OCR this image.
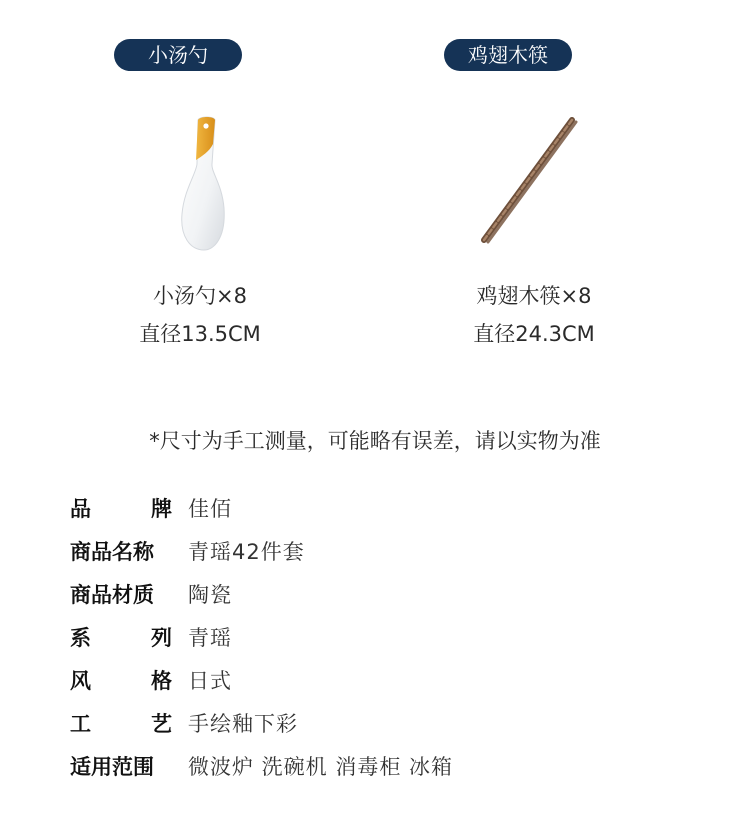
小汤勺	鸡翅木筷
小汤勺×8
直径13.5CM
鸡翅木筷×8
直径24.3CM
*尺寸为手工测量，可能略有误差，请以实物为准
品	牌 佳佰
商品名称	青瑶42件套
商品材质	陶瓷
系	列 青瑶
风	格 日式
工	艺 手绘釉下彩
适用范围	微波炉 洗碗机 消毒柜 冰箱
